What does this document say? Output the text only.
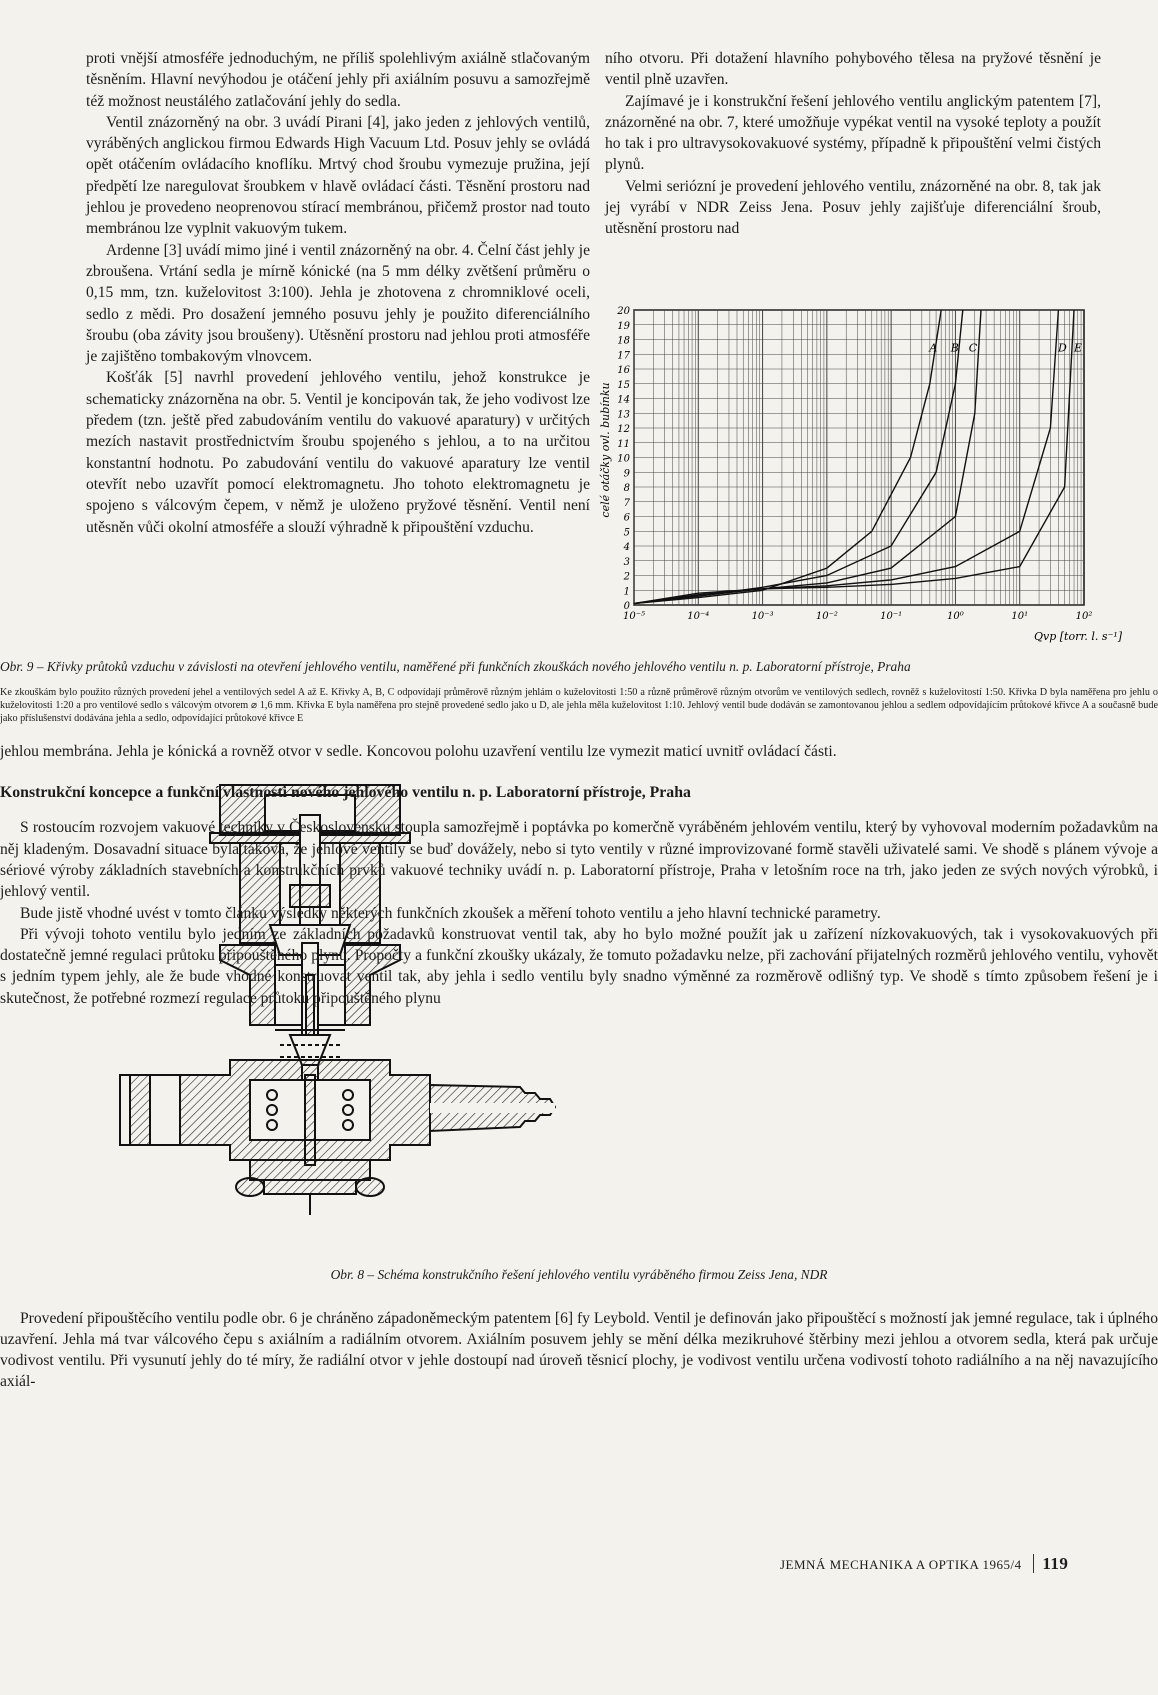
proti vnější atmosféře jednoduchým, ne příliš spolehlivým axiálně stlačovaným těsněním. Hlavní nevýhodou je otáčení jehly při axiálním posuvu a samozřejmě též možnost neustálého zatlačování jehly do sedla.

Ventil znázorněný na obr. 3 uvádí Pirani [4], jako jeden z jehlových ventilů, vyráběných anglickou firmou Edwards High Vacuum Ltd. Posuv jehly se ovládá opět otáčením ovládacího knoflíku. Mrtvý chod šroubu vymezuje pružina, její předpětí lze naregulovat šroubkem v hlavě ovládací části. Těsnění prostoru nad jehlou je provedeno neoprenovou stírací membránou, přičemž prostor nad touto membránou lze vyplnit vakuovým tukem.

Ardenne [3] uvádí mimo jiné i ventil znázorněný na obr. 4. Čelní část jehly je zbroušena. Vrtání sedla je mírně kónické (na 5 mm délky zvětšení průměru o 0,15 mm, tzn. kuželovitost 3:100). Jehla je zhotovena z chromniklové oceli, sedlo z mědi. Pro dosažení jemného posuvu jehly je použito diferenciálního šroubu (oba závity jsou broušeny). Utěsnění prostoru nad jehlou proti atmosféře je zajištěno tombakovým vlnovcem.

Košťák [5] navrhl provedení jehlového ventilu, jehož konstrukce je schematicky znázorněna na obr. 5. Ventil je koncipován tak, že jeho vodivost lze předem (tzn. ještě před zabudováním ventilu do vakuové aparatury) v určitých mezích nastavit prostřednictvím šroubu spojeného s jehlou, a to na určitou konstantní hodnotu. Po zabudování ventilu do vakuové aparatury lze ventil otevřít nebo uzavřít pomocí elektromagnetu. Jho tohoto elektromagnetu je spojeno s válcovým čepem, v němž je uloženo pryžové těsnění. Ventil není utěsněn vůči okolní atmosféře a slouží výhradně k připouštění vzduchu.

Obr. 8 – Schéma konstrukčního řešení jehlového ventilu vyráběného firmou Zeiss Jena, NDR

Provedení připouštěcího ventilu podle obr. 6 je chráněno západoněmeckým patentem [6] fy Leybold. Ventil je definován jako připouštěcí s možností jak jemné regulace, tak i úplného uzavření. Jehla má tvar válcového čepu s axiálním a radiálním otvorem. Axiálním posuvem jehly se mění délka mezikruhové štěrbiny mezi jehlou a otvorem sedla, která pak určuje vodivost ventilu. Při vysunutí jehly do té míry, že radiální otvor v jehle dostoupí nad úroveň těsnicí plochy, je vodivost ventilu určena vodivostí tohoto radiálního a na něj navazujícího axiál-

ního otvoru. Při dotažení hlavního pohybového tělesa na pryžové těsnění je ventil plně uzavřen.

Zajímavé je i konstrukční řešení jehlového ventilu anglickým patentem [7], znázorněné na obr. 7, které umožňuje vypékat ventil na vysoké teploty a použít ho tak i pro ultravysokovakuové systémy, případně k připouštění velmi čistých plynů.

Velmi seriózní je provedení jehlového ventilu, znázorněné na obr. 8, tak jak jej vyrábí v NDR Zeiss Jena. Posuv jehly zajišťuje diferenciální šroub, utěsnění prostoru nad

A B C	D E
0
1
2
3
4
5
6
7
8
9
10
11
12
13
14
15
16
17
18
19
20
10⁻⁵	10⁻⁴	10⁻³	10⁻²	10⁻¹	10⁰	10¹	10²
celé otáčky ovl. bubínku
Qvp [torr. l. s⁻¹]

Obr. 9 – Křivky průtoků vzduchu v závislosti na otevření jehlového ventilu, naměřené při funkčních zkouškách nového jehlového ventilu n. p. Laboratorní přístroje, Praha

Ke zkouškám bylo použito různých provedení jehel a ventilových sedel A až E. Křivky A, B, C odpovídají průměrově různým jehlám o kuželovitosti 1:50 a různě průměrově různým otvorům ve ventilových sedlech, rovněž s kuželovitostí 1:50. Křivka D byla naměřena pro jehlu o kuželovitosti 1:20 a pro ventilové sedlo s válcovým otvorem ⌀ 1,6 mm. Křivka E byla naměřena pro stejně provedené sedlo jako u D, ale jehla měla kuželovitost 1:10. Jehlový ventil bude dodáván se zamontovanou jehlou a sedlem odpovídajícím průtokové křivce A a současně bude jako příslušenství dodávána jehla a sedlo, odpovídající průtokové křivce E

jehlou membrána. Jehla je kónická a rovněž otvor v sedle. Koncovou polohu uzavření ventilu lze vymezit maticí uvnitř ovládací části.

Konstrukční koncepce a funkční vlastnosti nového jehlového ventilu n. p. Laboratorní přístroje, Praha

S rostoucím rozvojem vakuové techniky v Československu stoupla samozřejmě i poptávka po komerčně vyráběném jehlovém ventilu, který by vyhovoval moderním požadavkům na něj kladeným. Dosavadní situace byla taková, že jehlové ventily se buď dovážely, nebo si tyto ventily v různé improvizované formě stavěli uživatelé sami. Ve shodě s plánem vývoje a sériové výroby základních stavebních a konstrukčních prvků vakuové techniky uvádí n. p. Laboratorní přístroje, Praha v letošním roce na trh, jako jeden ze svých nových výrobků, i jehlový ventil.

Bude jistě vhodné uvést v tomto článku výsledky některých funkčních zkoušek a měření tohoto ventilu a jeho hlavní technické parametry.

Při vývoji tohoto ventilu bylo jedním ze základních požadavků konstruovat ventil tak, aby ho bylo možné použít jak u zařízení nízkovakuových, tak i vysokovakuových při dostatečně jemné regulaci průtoku připouštěného plynu. Propočty a funkční zkoušky ukázaly, že tomuto požadavku nelze, při zachování přijatelných rozměrů jehlového ventilu, vyhovět s jedním typem jehly, ale že bude vhodné konstruovat ventil tak, aby jehla i sedlo ventilu byly snadno výměnné za rozměrově odlišný typ. Ve shodě s tímto způsobem řešení je i skutečnost, že potřebné rozmezí regulace průtoku připouštěného plynu

JEMNÁ MECHANIKA A OPTIKA 1965/4 119
